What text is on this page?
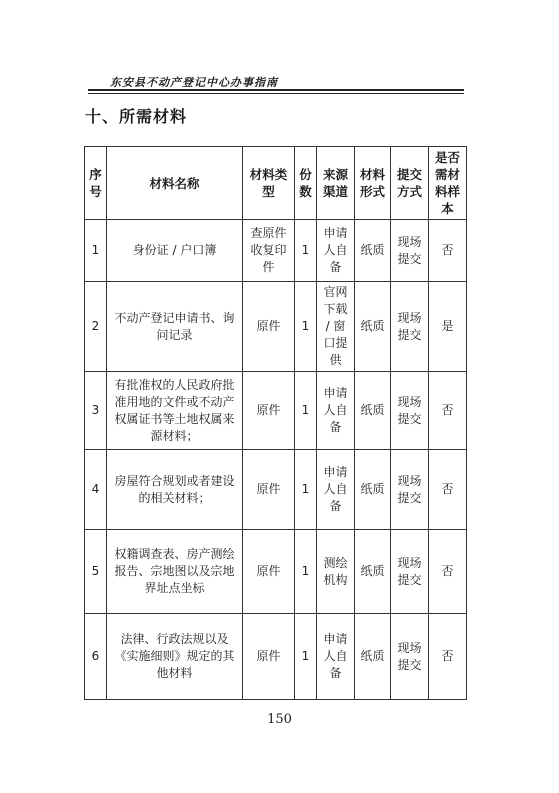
东安县不动产登记中心办事指南
十、所需材料
序号	材料名称	材料类型	份数	来源渠道	材料形式	提交方式	是否需材料样本

1	身份证 / 户口簿	查原件收复印件	1	申请人自备	纸质	现场提交	否
2	不动产登记申请书、询问记录	原件	1	官网下载 / 窗口提供	纸质	现场提交	是
3	有批准权的人民政府批准用地的文件或不动产权属证书等土地权属来源材料；	原件	1	申请人自备	纸质	现场提交	否
4	房屋符合规划或者建设的相关材料；	原件	1	申请人自备	纸质	现场提交	否
5	权籍调查表、房产测绘报告、宗地图以及宗地界址点坐标	原件	1	测绘机构	纸质	现场提交	否
6	法律、行政法规以及《实施细则》规定的其他材料	原件	1	申请人自备	纸质	现场提交	否
150
